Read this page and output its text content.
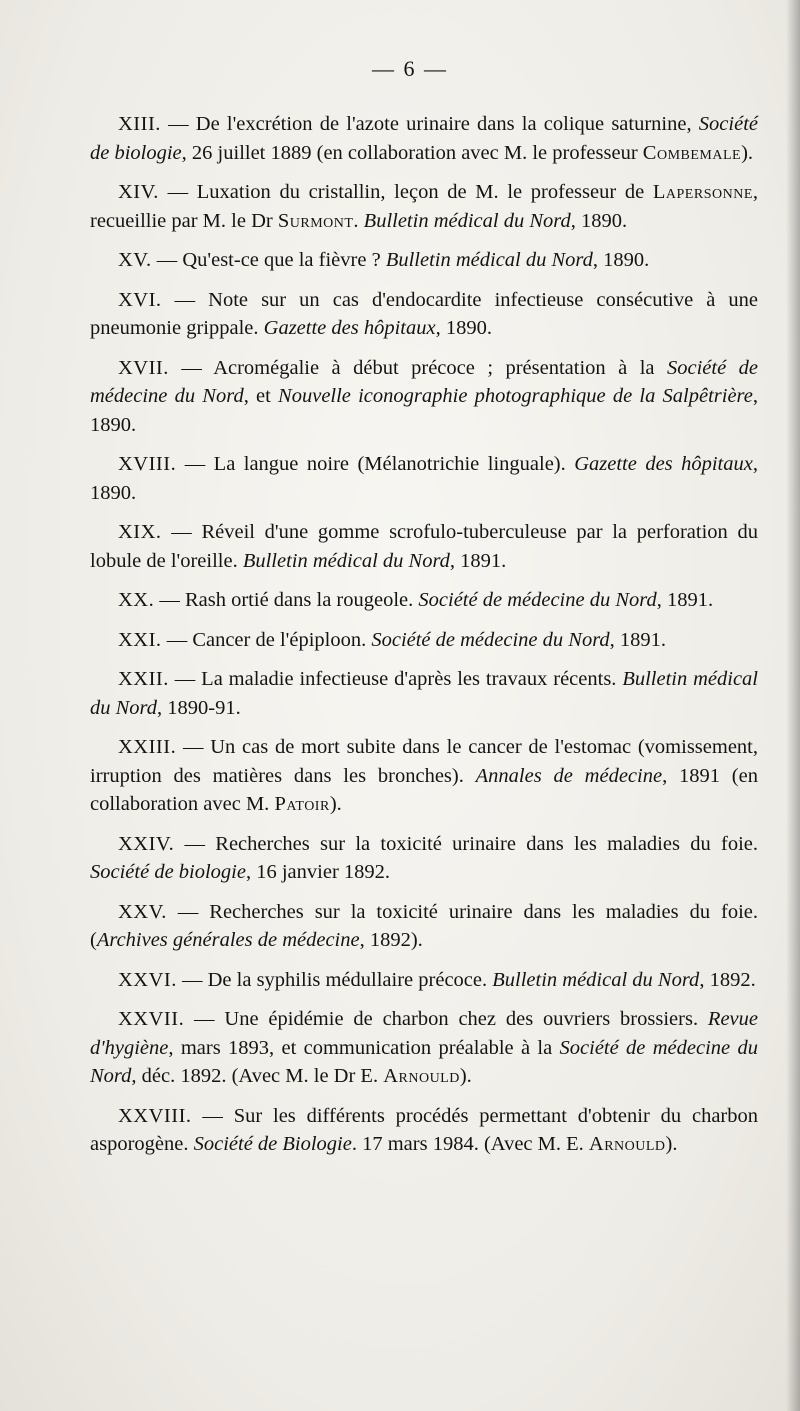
— 6 —

XIII. — De l'excrétion de l'azote urinaire dans la colique saturnine, Société de biologie, 26 juillet 1889 (en collaboration avec M. le professeur Combemale).

XIV. — Luxation du cristallin, leçon de M. le professeur de Lapersonne, recueillie par M. le Dr Surmont. Bulletin médical du Nord, 1890.

XV. — Qu'est-ce que la fièvre ? Bulletin médical du Nord, 1890.

XVI. — Note sur un cas d'endocardite infectieuse consécutive à une pneumonie grippale. Gazette des hôpitaux, 1890.

XVII. — Acromégalie à début précoce ; présentation à la Société de médecine du Nord, et Nouvelle iconographie photographique de la Salpêtrière, 1890.

XVIII. — La langue noire (Mélanotrichie linguale). Gazette des hôpitaux, 1890.

XIX. — Réveil d'une gomme scrofulo-tuberculeuse par la perforation du lobule de l'oreille. Bulletin médical du Nord, 1891.

XX. — Rash ortié dans la rougeole. Société de médecine du Nord, 1891.

XXI. — Cancer de l'épiploon. Société de médecine du Nord, 1891.

XXII. — La maladie infectieuse d'après les travaux récents. Bulletin médical du Nord, 1890-91.

XXIII. — Un cas de mort subite dans le cancer de l'estomac (vomissement, irruption des matières dans les bronches). Annales de médecine, 1891 (en collaboration avec M. Patoir).

XXIV. — Recherches sur la toxicité urinaire dans les maladies du foie. Société de biologie, 16 janvier 1892.

XXV. — Recherches sur la toxicité urinaire dans les maladies du foie. (Archives générales de médecine, 1892).

XXVI. — De la syphilis médullaire précoce. Bulletin médical du Nord, 1892.

XXVII. — Une épidémie de charbon chez des ouvriers brossiers. Revue d'hygiène, mars 1893, et communication préalable à la Société de médecine du Nord, déc. 1892. (Avec M. le Dr E. Arnould).

XXVIII. — Sur les différents procédés permettant d'obtenir du charbon asporogène. Société de Biologie. 17 mars 1984. (Avec M. E. Arnould).
